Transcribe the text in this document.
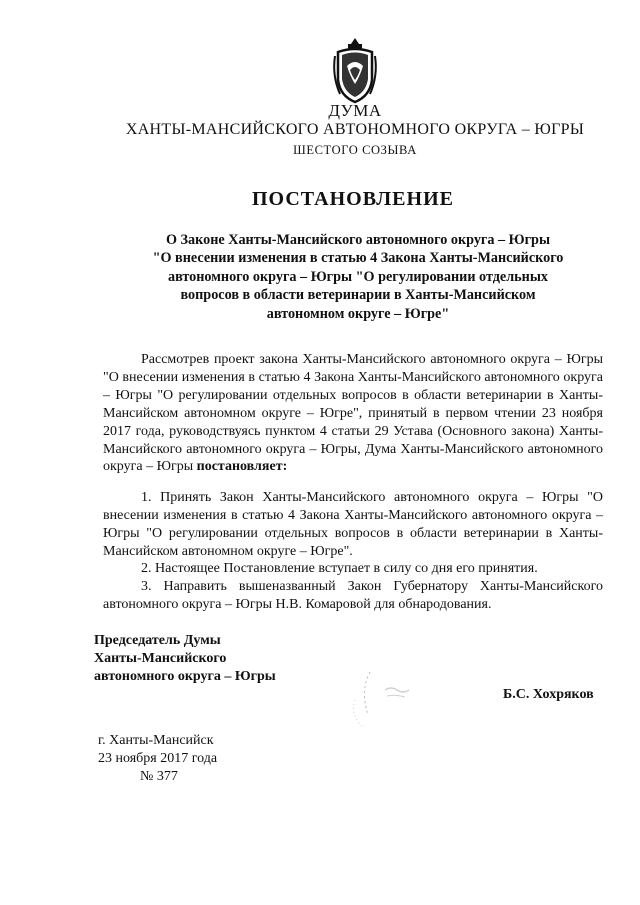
ДУМА
ХАНТЫ-МАНСИЙСКОГО АВТОНОМНОГО ОКРУГА – ЮГРЫ
ШЕСТОГО СОЗЫВА
ПОСТАНОВЛЕНИЕ
О Законе Ханты-Мансийского автономного округа – Югры
"О внесении изменения в статью 4 Закона Ханты-Мансийского
автономного округа – Югры "О регулировании отдельных
вопросов в области ветеринарии в Ханты-Мансийском
автономном округе – Югре"

Рассмотрев проект закона Ханты-Мансийского автономного округа – Югры "О внесении изменения в статью 4 Закона Ханты-Мансийского автономного округа – Югры "О регулировании отдельных вопросов в области ветеринарии в Ханты-Мансийском автономном округе – Югре", принятый в первом чтении 23 ноября 2017 года, руководствуясь пунктом 4 статьи 29 Устава (Основного закона) Ханты-Мансийского автономного округа – Югры, Дума Ханты-Мансийского автономного округа – Югры постановляет:

1. Принять Закон Ханты-Мансийского автономного округа – Югры "О внесении изменения в статью 4 Закона Ханты-Мансийского автономного округа – Югры "О регулировании отдельных вопросов в области ветеринарии в Ханты-Мансийском автономном округе – Югре".

2. Настоящее Постановление вступает в силу со дня его принятия.

3. Направить вышеназванный Закон Губернатору Ханты-Мансийского автономного округа – Югры Н.В. Комаровой для обнародования.

Председатель Думы
Ханты-Мансийского
автономного округа – Югры
Б.С. Хохряков
г. Ханты-Мансийск
23 ноября 2017 года
№ 377
